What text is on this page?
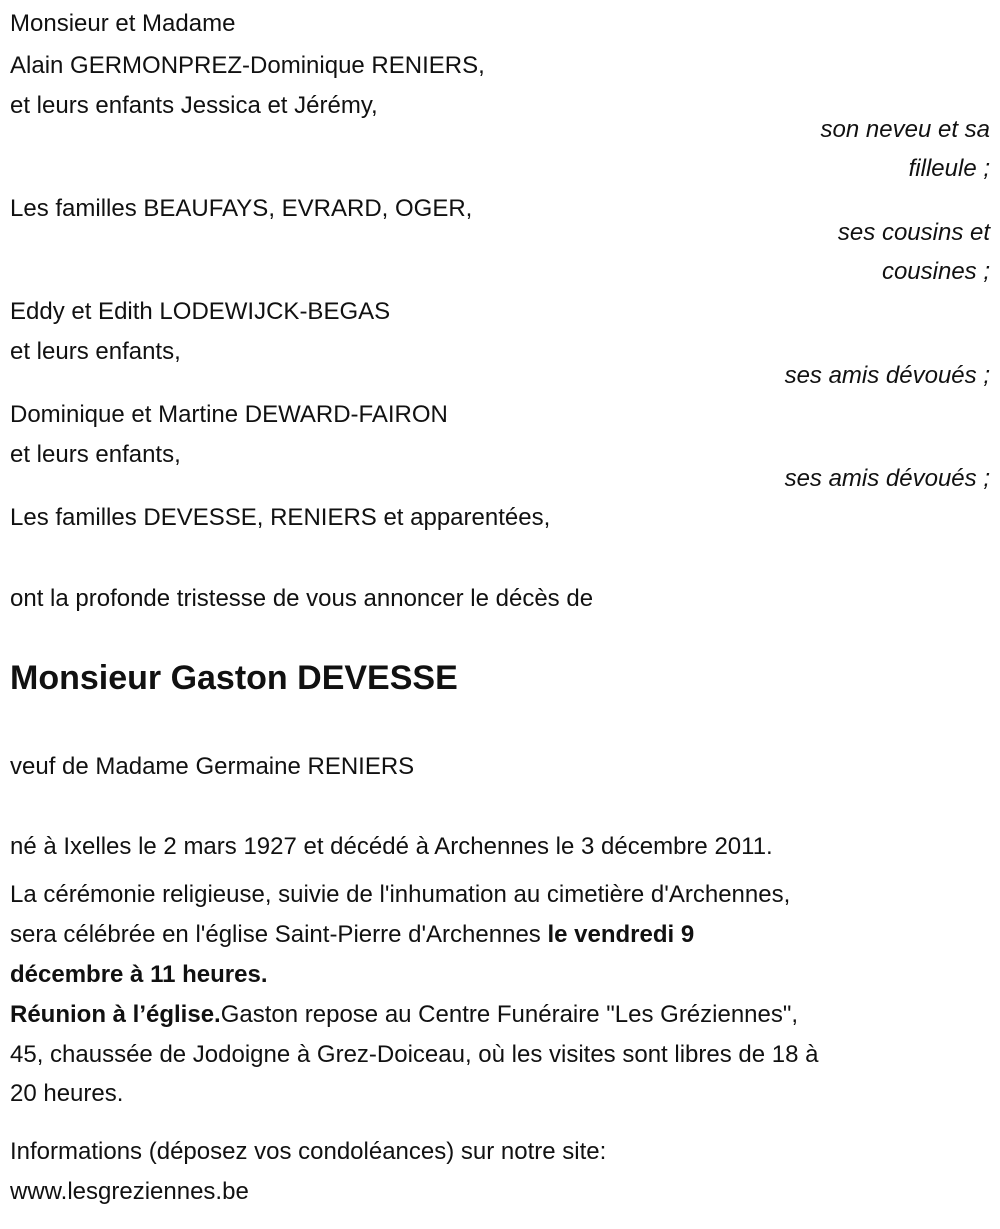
Monsieur et Madame
Alain GERMONPREZ-Dominique RENIERS,
et leurs enfants Jessica et Jérémy,
son neveu et sa
filleule ;
Les familles BEAUFAYS, EVRARD, OGER,
ses cousins et
cousines ;
Eddy et Edith LODEWIJCK-BEGAS
et leurs enfants,
ses amis dévoués ;
Dominique et Martine DEWARD-FAIRON
et leurs enfants,
ses amis dévoués ;
Les familles DEVESSE, RENIERS et apparentées,
ont la profonde tristesse de vous annoncer le décès de
Monsieur Gaston DEVESSE
veuf de Madame Germaine RENIERS
né à Ixelles le 2 mars 1927 et décédé à Archennes le 3 décembre 2011.
La cérémonie religieuse, suivie de l'inhumation au cimetière d'Archennes,
sera célébrée en l'église Saint-Pierre d'Archennes le vendredi 9
décembre à 11 heures.
Réunion à l’église.Gaston repose au Centre Funéraire "Les Gréziennes",
45, chaussée de Jodoigne à Grez-Doiceau, où les visites sont libres de 18 à
20 heures.
Informations (déposez vos condoléances) sur notre site:
www.lesgreziennes.be
